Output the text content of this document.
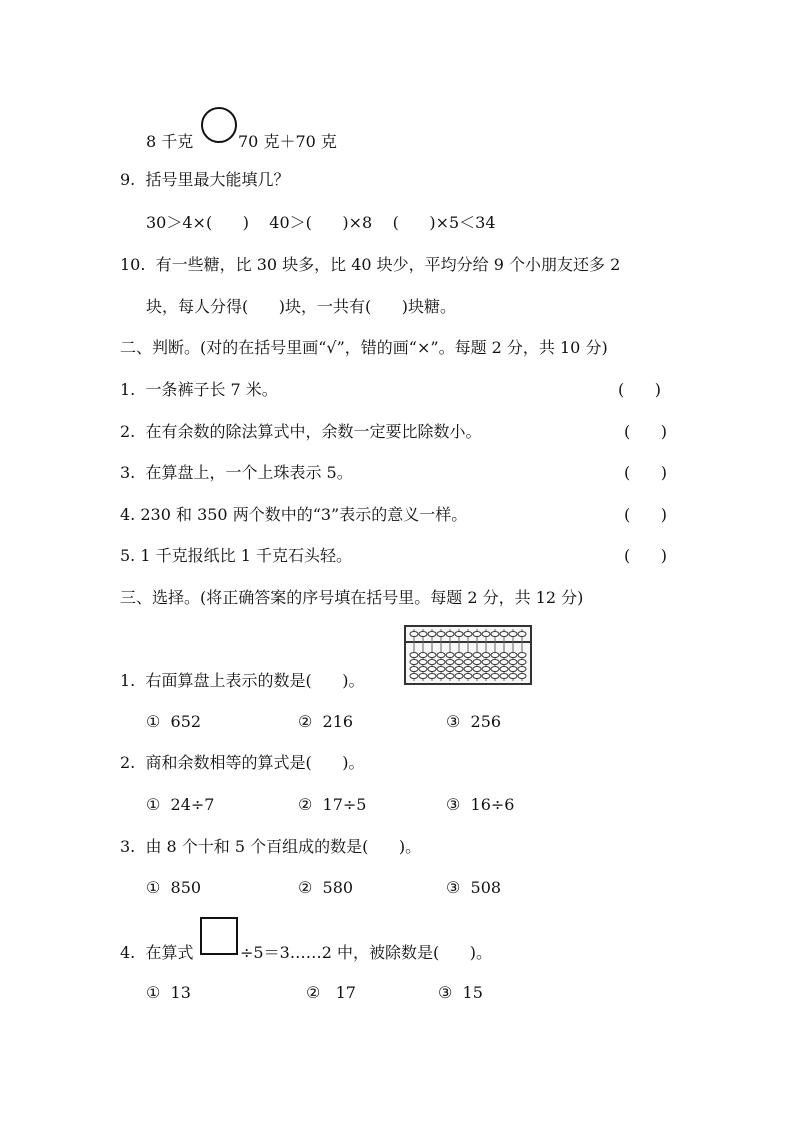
8 千克	70 克＋70 克
9.  括号里最大能填几？
30＞4×(      )    40＞(      )×8    (      )×5＜34
10.  有一些糖，比 30 块多，比 40 块少，平均分给 9 个小朋友还多 2
块，每人分得(      )块，一共有(      )块糖。
二、判断。(对的在括号里画“√”，错的画“×”。每题 2 分，共 10 分)
1.  一条裤子长 7 米。	(      )
2.  在有余数的除法算式中，余数一定要比除数小。	(      )
3.  在算盘上，一个上珠表示 5。	(      )
4. 230 和 350 两个数中的“3”表示的意义一样。	(      )
5. 1 千克报纸比 1 千克石头轻。	(      )
三、选择。(将正确答案的序号填在括号里。每题 2 分，共 12 分)
1.  右面算盘上表示的数是(      )。
①  652	②  216	③  256
2.  商和余数相等的算式是(      )。
①  24÷7	②  17÷5	③  16÷6
3.  由 8 个十和 5 个百组成的数是(      )。
①  850	②  580	③  508
4.  在算式	÷5＝3……2 中，被除数是(      )。
①  13	②   17	③  15
